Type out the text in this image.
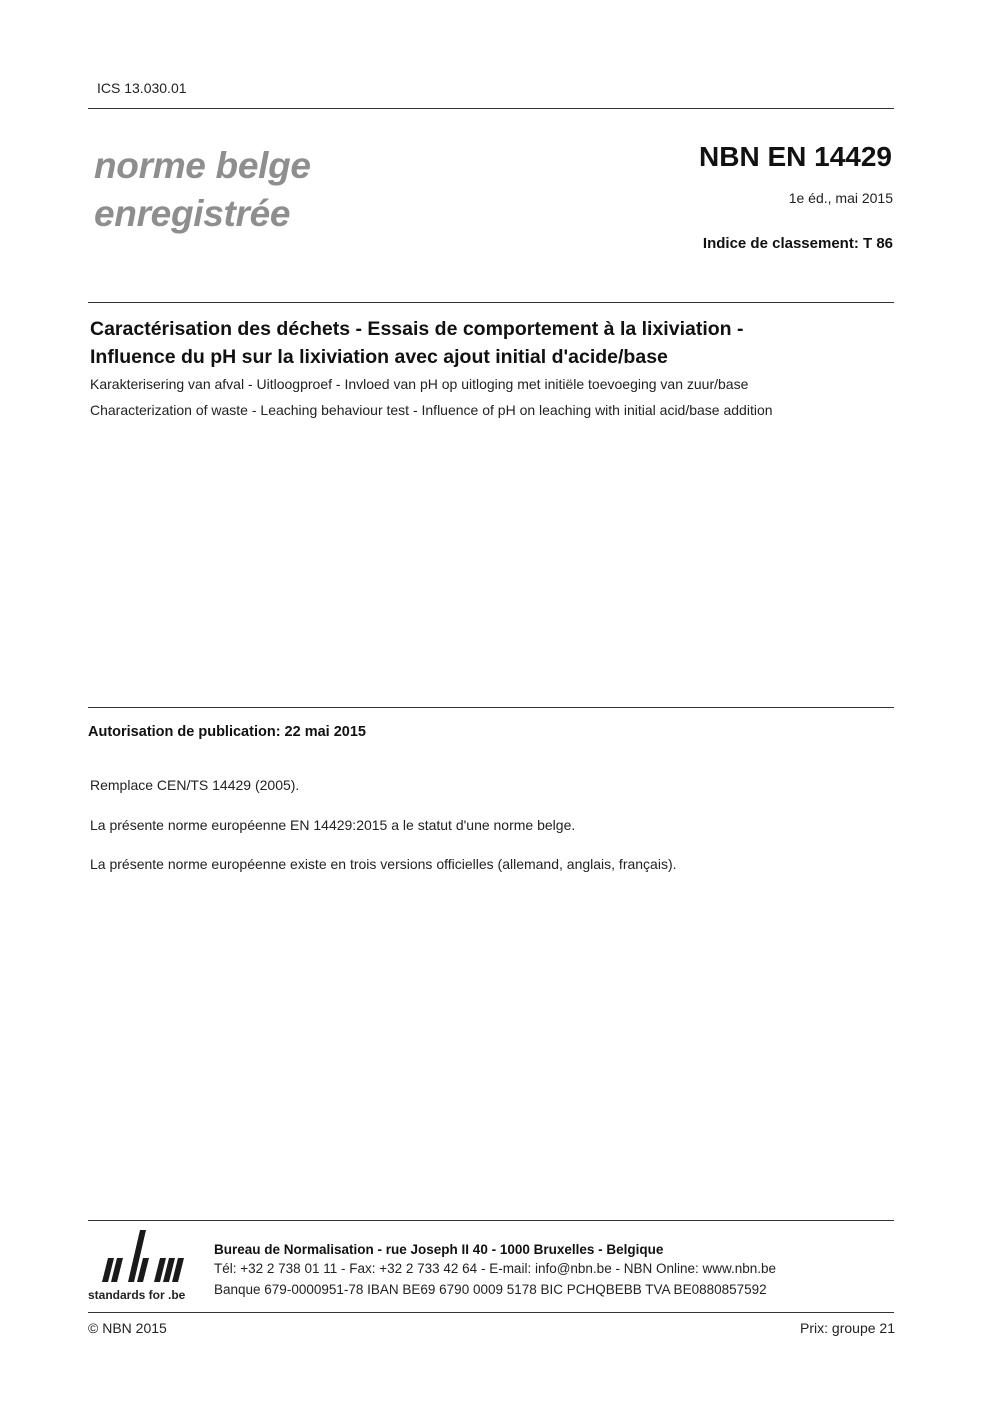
ICS 13.030.01
norme belge
enregistrée
NBN EN 14429
1e éd., mai 2015
Indice de classement: T 86
Caractérisation des déchets - Essais de comportement à la lixiviation -
Influence du pH sur la lixiviation avec ajout initial d'acide/base
Karakterisering van afval - Uitloogproef - Invloed van pH op uitloging met initiële toevoeging van zuur/base
Characterization of waste - Leaching behaviour test - Influence of pH on leaching with initial acid/base addition
Autorisation de publication: 22 mai 2015
Remplace CEN/TS 14429 (2005).
La présente norme européenne EN 14429:2015 a le statut d'une norme belge.
La présente norme européenne existe en trois versions officielles (allemand, anglais, français).
standards for .be
Bureau de Normalisation - rue Joseph II 40 - 1000 Bruxelles - Belgique
Tél: +32 2 738 01 11 - Fax: +32 2 733 42 64 - E-mail: info@nbn.be - NBN Online: www.nbn.be
Banque 679-0000951-78 IBAN BE69 6790 0009 5178 BIC PCHQBEBB TVA BE0880857592
© NBN 2015	Prix: groupe 21
